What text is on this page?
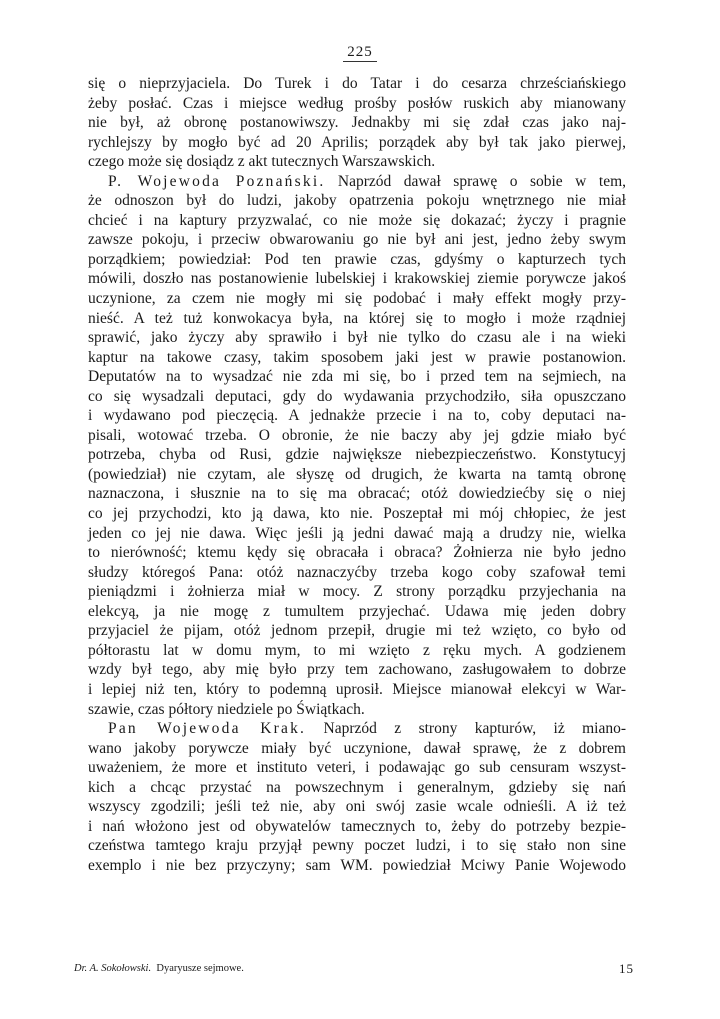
225
się o nieprzyjaciela. Do Turek i do Tatar i do cesarza chrześciańskiego
żeby posłać. Czas i miejsce według prośby posłów ruskich aby mianowany
nie był, aż obronę postanowiwszy. Jednakby mi się zdał czas jako naj-
rychlejszy by mogło być ad 20 Aprilis; porządek aby był tak jako pierwej,
czego może się dosiądz z akt tutecznych Warszawskich.
P. Wojewoda Poznański. Naprzód dawał sprawę o sobie w tem,
że odnoszon był do ludzi, jakoby opatrzenia pokoju wnętrznego nie miał
chcieć i na kaptury przyzwalać, co nie może się dokazać; życzy i pragnie
zawsze pokoju, i przeciw obwarowaniu go nie był ani jest, jedno żeby swym
porządkiem; powiedział: Pod ten prawie czas, gdyśmy o kapturzech tych
mówili, doszło nas postanowienie lubelskiej i krakowskiej ziemie porywcze jakoś
uczynione, za czem nie mogły mi się podobać i mały effekt mogły przy-
nieść. A też tuż konwokacya była, na której się to mogło i może rządniej
sprawić, jako życzy aby sprawiło i był nie tylko do czasu ale i na wieki
kaptur na takowe czasy, takim sposobem jaki jest w prawie postanowion.
Deputatów na to wysadzać nie zda mi się, bo i przed tem na sejmiech, na
co się wysadzali deputaci, gdy do wydawania przychodziło, siła opuszczano
i wydawano pod pieczęcią. A jednakże przecie i na to, coby deputaci na-
pisali, wotować trzeba. O obronie, że nie baczy aby jej gdzie miało być
potrzeba, chyba od Rusi, gdzie największe niebezpieczeństwo. Konstytucyj
(powiedział) nie czytam, ale słyszę od drugich, że kwarta na tamtą obronę
naznaczona, i słusznie na to się ma obracać; otóż dowiedziećby się o niej
co jej przychodzi, kto ją dawa, kto nie. Poszeptał mi mój chłopiec, że jest
jeden co jej nie dawa. Więc jeśli ją jedni dawać mają a drudzy nie, wielka
to nierówność; ktemu kędy się obracała i obraca? Żołnierza nie było jedno
słudzy któregoś Pana: otóż naznaczyćby trzeba kogo coby szafował temi
pieniądzmi i żołnierza miał w mocy. Z strony porządku przyjechania na
elekcyą, ja nie mogę z tumultem przyjechać. Udawa mię jeden dobry
przyjaciel że pijam, otóż jednom przepił, drugie mi też wzięto, co było od
półtorastu lat w domu mym, to mi wzięto z ręku mych. A godzienem
wzdy był tego, aby mię było przy tem zachowano, zasługowałem to dobrze
i lepiej niż ten, który to podemną uprosił. Miejsce mianował elekcyi w War-
szawie, czas półtory niedziele po Świątkach.
Pan Wojewoda Krak. Naprzód z strony kapturów, iż miano-
wano jakoby porywcze miały być uczynione, dawał sprawę, że z dobrem
uważeniem, że more et instituto veteri, i podawając go sub censuram wszyst-
kich a chcąc przystać na powszechnym i generalnym, gdzieby się nań
wszyscy zgodzili; jeśli też nie, aby oni swój zasie wcale odnieśli. A iż też
i nań włożono jest od obywatelów tamecznych to, żeby do potrzeby bezpie-
czeństwa tamtego kraju przyjął pewny poczet ludzi, i to się stało non sine
exemplo i nie bez przyczyny; sam WM. powiedział Mciwy Panie Wojewodo
Dr. A. Sokołowski. Dyaryusze sejmowe.	15
